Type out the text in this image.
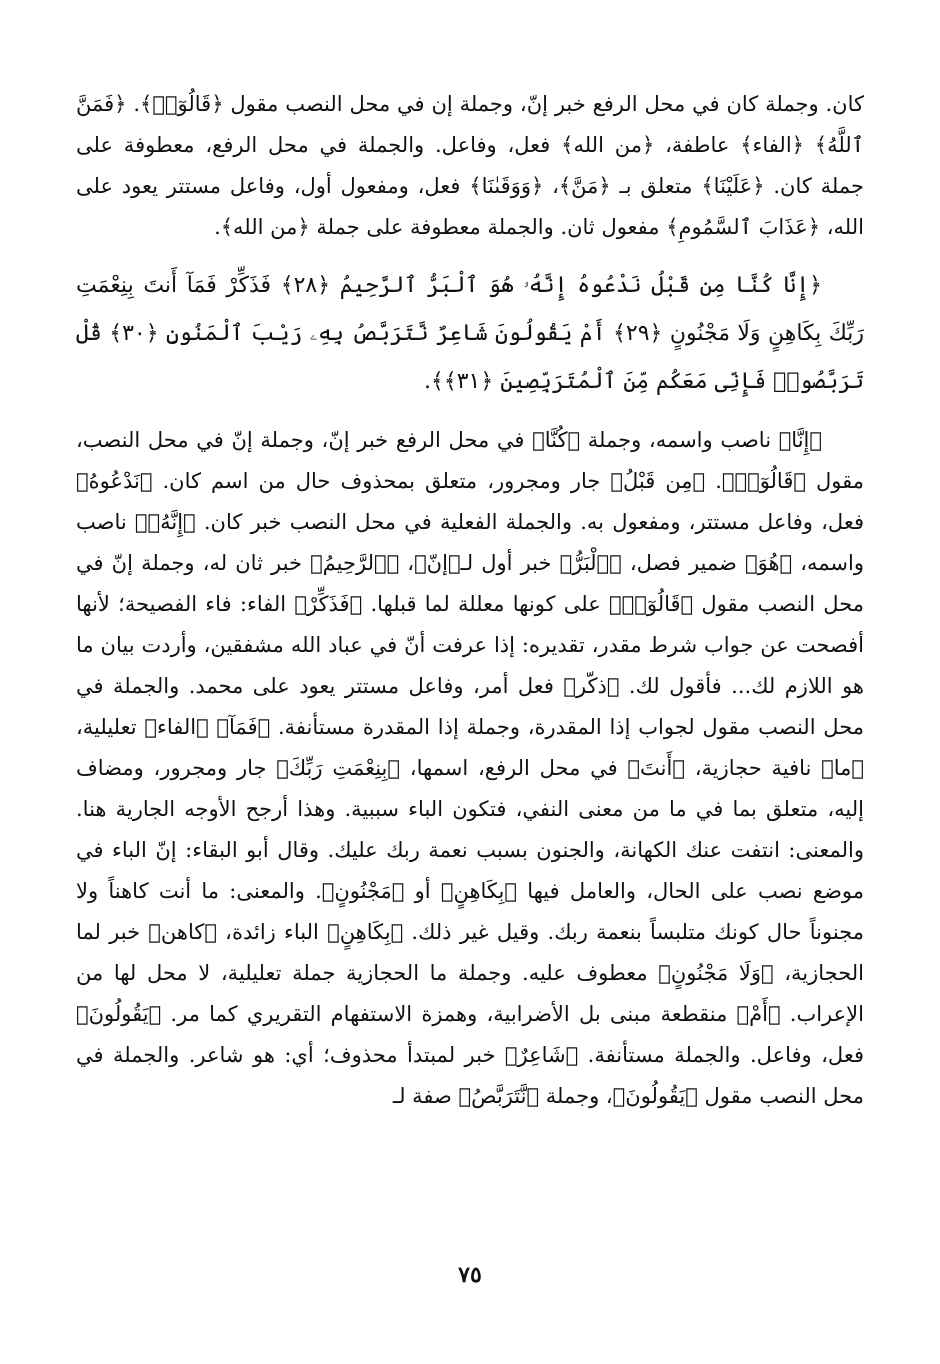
كان. وجملة كان في محل الرفع خبر إنّ، وجملة إن في محل النصب مقول ﴿قَالُوٓا۟﴾. ﴿فَمَنَّ ٱللَّهُ﴾ ﴿الفاء﴾ عاطفة، ﴿من الله﴾ فعل، وفاعل. والجملة في محل الرفع، معطوفة على جملة كان. ﴿عَلَيْنَا﴾ متعلق بـ ﴿مَنَّ﴾، ﴿وَوَقَىٰنَا﴾ فعل، ومفعول أول، وفاعل مستتر يعود على الله، ﴿عَذَابَ ٱلسَّمُومِ﴾ مفعول ثان. والجملة معطوفة على جملة ﴿من الله﴾.

﴿إِنَّا كُنَّا مِن قَبْلُ نَدْعُوهُ إِنَّهُۥ هُوَ ٱلْبَرُّ ٱلرَّحِيمُ ﴿٢٨﴾ فَذَكِّرْ فَمَآ أَنتَ بِنِعْمَتِ رَبِّكَ بِكَاهِنٍ وَلَا مَجْنُونٍ ﴿٢٩﴾ أَمْ يَقُولُونَ شَاعِرٌ نَّتَرَبَّصُ بِهِۦ رَيْبَ ٱلْمَنُونِ ﴿٣٠﴾ قُلْ تَرَبَّصُوا۟ فَإِنِّى مَعَكُم مِّنَ ٱلْمُتَرَبِّصِينَ ﴿٣١﴾﴾.

﴿إِنَّا﴾ ناصب واسمه، وجملة ﴿كُنَّا﴾ في محل الرفع خبر إنّ، وجملة إنّ في محل النصب، مقول ﴿قَالُوٓا۟﴾. ﴿مِن قَبْلُ﴾ جار ومجرور، متعلق بمحذوف حال من اسم كان. ﴿نَدْعُوهُ﴾ فعل، وفاعل مستتر، ومفعول به. والجملة الفعلية في محل النصب خبر كان. ﴿إِنَّهُۥ﴾ ناصب واسمه، ﴿هُوَ﴾ ضمير فصل، ﴿ٱلْبَرُّ﴾ خبر أول لـ﴿إنّ﴾، ﴿ٱلرَّحِيمُ﴾ خبر ثان له، وجملة إنّ في محل النصب مقول ﴿قَالُوٓا۟﴾ على كونها معللة لما قبلها. ﴿فَذَكِّرْ﴾ الفاء: فاء الفصيحة؛ لأنها أفصحت عن جواب شرط مقدر، تقديره: إذا عرفت أنّ في عباد الله مشفقين، وأردت بيان ما هو اللازم لك... فأقول لك. ﴿ذكّر﴾ فعل أمر، وفاعل مستتر يعود على محمد. والجملة في محل النصب مقول لجواب إذا المقدرة، وجملة إذا المقدرة مستأنفة. ﴿فَمَآ﴾ ﴿الفاء﴾ تعليلية، ﴿ما﴾ نافية حجازية، ﴿أَنتَ﴾ في محل الرفع، اسمها، ﴿بِنِعْمَتِ رَبِّكَ﴾ جار ومجرور، ومضاف إليه، متعلق بما في ما من معنى النفي، فتكون الباء سببية. وهذا أرجح الأوجه الجارية هنا. والمعنى: انتفت عنك الكهانة، والجنون بسبب نعمة ربك عليك. وقال أبو البقاء: إنّ الباء في موضع نصب على الحال، والعامل فيها ﴿بِكَاهِنٍ﴾ أو ﴿مَجْنُونٍ﴾. والمعنى: ما أنت كاهناً ولا مجنوناً حال كونك متلبساً بنعمة ربك. وقيل غير ذلك. ﴿بِكَاهِنٍ﴾ الباء زائدة، ﴿كاهن﴾ خبر لما الحجازية، ﴿وَلَا مَجْنُونٍ﴾ معطوف عليه. وجملة ما الحجازية جملة تعليلية، لا محل لها من الإعراب. ﴿أَمْ﴾ منقطعة مبنى بل الأضرابية، وهمزة الاستفهام التقريري كما مر. ﴿يَقُولُونَ﴾ فعل، وفاعل. والجملة مستأنفة. ﴿شَاعِرٌ﴾ خبر لمبتدأ محذوف؛ أي: هو شاعر. والجملة في محل النصب مقول ﴿يَقُولُونَ﴾، وجملة ﴿نَّتَرَبَّصُ﴾ صفة لـ

٧٥
